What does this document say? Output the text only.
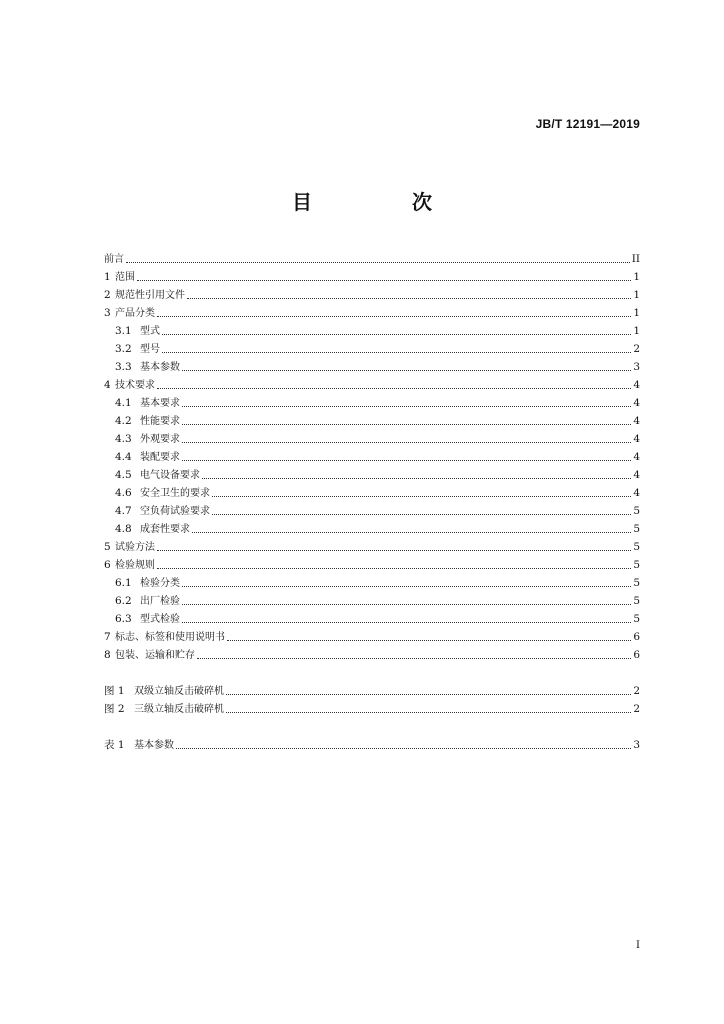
JB/T 12191—2019
目　次
前言	II
1 范围	1
2 规范性引用文件	1
3 产品分类	1
3.1 型式	1
3.2 型号	2
3.3 基本参数	3
4 技术要求	4
4.1 基本要求	4
4.2 性能要求	4
4.3 外观要求	4
4.4 装配要求	4
4.5 电气设备要求	4
4.6 安全卫生的要求	4
4.7 空负荷试验要求	5
4.8 成套性要求	5
5 试验方法	5
6 检验规则	5
6.1 检验分类	5
6.2 出厂检验	5
6.3 型式检验	5
7 标志、标签和使用说明书	6
8 包装、运输和贮存	6
图 1 双级立轴反击破碎机	2
图 2 三级立轴反击破碎机	2
表 1 基本参数	3
I
